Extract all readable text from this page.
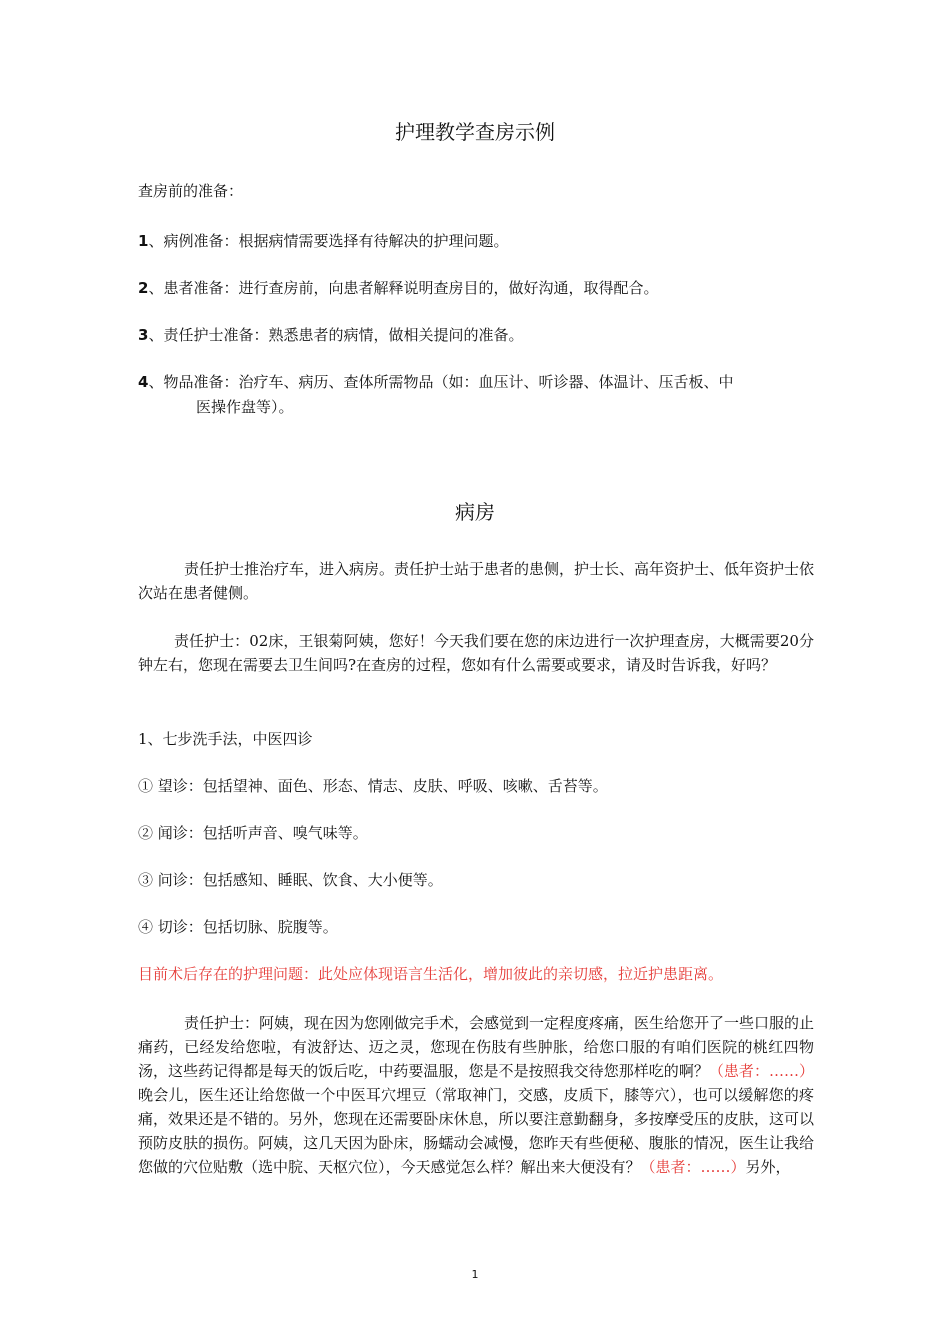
护理教学查房示例
查房前的准备：
1、病例准备：根据病情需要选择有待解决的护理问题。
2、患者准备：进行查房前，向患者解释说明查房目的，做好沟通，取得配合。
3、责任护士准备：熟悉患者的病情，做相关提问的准备。
4、物品准备：治疗车、病历、查体所需物品（如：血压计、听诊器、体温计、压舌板、中
医操作盘等）。
病房
责任护士推治疗车，进入病房。责任护士站于患者的患侧，护士长、高年资护士、低年资护士依次站在患者健侧。
责任护士：02床，王银菊阿姨，您好！今天我们要在您的床边进行一次护理查房，大概需要20分钟左右，您现在需要去卫生间吗?在查房的过程，您如有什么需要或要求，请及时告诉我，好吗？
1、七步洗手法，中医四诊
① 望诊：包括望神、面色、形态、情志、皮肤、呼吸、咳嗽、舌苔等。
② 闻诊：包括听声音、嗅气味等。
③ 问诊：包括感知、睡眠、饮食、大小便等。
④ 切诊：包括切脉、脘腹等。
目前术后存在的护理问题：此处应体现语言生活化，增加彼此的亲切感，拉近护患距离。
责任护士：阿姨，现在因为您刚做完手术，会感觉到一定程度疼痛，医生给您开了一些口服的止痛药，已经发给您啦，有波舒达、迈之灵，您现在伤肢有些肿胀，给您口服的有咱们医院的桃红四物汤，这些药记得都是每天的饭后吃，中药要温服，您是不是按照我交待您那样吃的啊？（患者：……）晚会儿，医生还让给您做一个中医耳穴埋豆（常取神门，交感，皮质下，膝等穴），也可以缓解您的疼痛，效果还是不错的。另外，您现在还需要卧床休息，所以要注意勤翻身，多按摩受压的皮肤，这可以预防皮肤的损伤。阿姨，这几天因为卧床，肠蠕动会减慢，您昨天有些便秘、腹胀的情况，医生让我给您做的穴位贴敷（选中脘、天枢穴位），今天感觉怎么样？解出来大便没有？（患者：……）另外，
1
